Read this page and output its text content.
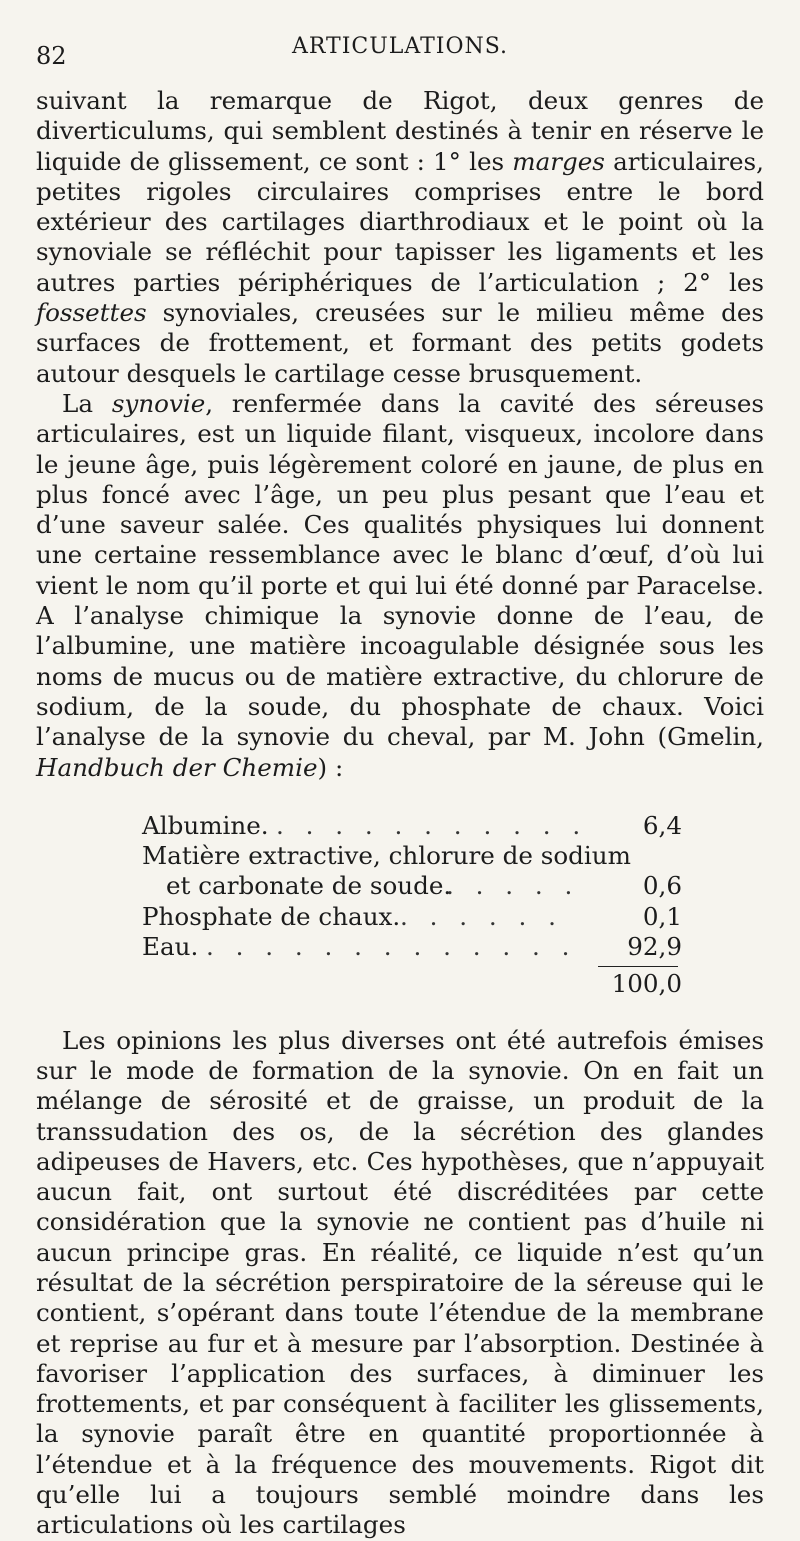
82	ARTICULATIONS.

suivant la remarque de Rigot, deux genres de diverticulums, qui semblent destinés à tenir en réserve le liquide de glissement, ce sont : 1° les marges articulaires, petites rigoles circulaires comprises entre le bord extérieur des cartilages diarthrodiaux et le point où la synoviale se réfléchit pour tapisser les ligaments et les autres parties périphériques de l’articulation ; 2° les fossettes synoviales, creusées sur le milieu même des surfaces de frottement, et formant des petits godets autour desquels le cartilage cesse brusquement.

La synovie, renfermée dans la cavité des séreuses articulaires, est un liquide filant, visqueux, incolore dans le jeune âge, puis légèrement coloré en jaune, de plus en plus foncé avec l’âge, un peu plus pesant que l’eau et d’une saveur salée. Ces qualités physiques lui donnent une certaine ressemblance avec le blanc d’œuf, d’où lui vient le nom qu’il porte et qui lui été donné par Paracelse. A l’analyse chimique la synovie donne de l’eau, de l’albumine, une matière incoagulable désignée sous les noms de mucus ou de matière extractive, du chlorure de sodium, de la soude, du phosphate de chaux. Voici l’analyse de la synovie du cheval, par M. John (Gmelin, Handbuch der Chemie) :

Albumine. . . . . . . . . . . .	6,4
Matière extractive, chlorure de sodium
et carbonate de soude.
. . . . .	0,6
Phosphate de chaux. . . . . . .	0,1
Eau. . . . . . . . . . . . . .	92,9
100,0

Les opinions les plus diverses ont été autrefois émises sur le mode de formation de la synovie. On en fait un mélange de sérosité et de graisse, un produit de la transsudation des os, de la sécrétion des glandes adipeuses de Havers, etc. Ces hypothèses, que n’appuyait aucun fait, ont surtout été discréditées par cette considération que la synovie ne contient pas d’huile ni aucun principe gras. En réalité, ce liquide n’est qu’un résultat de la sécrétion perspiratoire de la séreuse qui le contient, s’opérant dans toute l’étendue de la membrane et reprise au fur et à mesure par l’absorption. Destinée à favoriser l’application des surfaces, à diminuer les frottements, et par conséquent à faciliter les glissements, la synovie paraît être en quantité proportionnée à l’étendue et à la fréquence des mouvements. Rigot dit qu’elle lui a toujours semblé moindre dans les articulations où les cartilages
